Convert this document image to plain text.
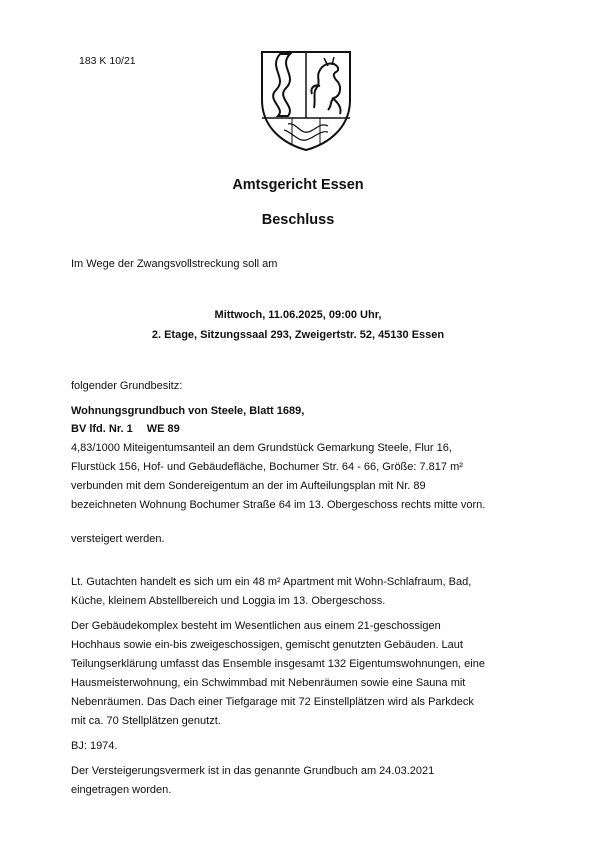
183 K 10/21
Amtsgericht Essen
Beschluss

Im Wege der Zwangsvollstreckung soll am

Mittwoch, 11.06.2025, 09:00 Uhr,
2. Etage, Sitzungssaal 293, Zweigertstr. 52, 45130 Essen

folgender Grundbesitz:

Wohnungsgrundbuch von Steele, Blatt 1689,

BV lfd. Nr. 1 WE 89

4,83/1000 Miteigentumsanteil an dem Grundstück Gemarkung Steele, Flur 16,

Flurstück 156, Hof- und Gebäudefläche, Bochumer Str. 64 - 66, Größe: 7.817 m²

verbunden mit dem Sondereigentum an der im Aufteilungsplan mit Nr. 89

bezeichneten Wohnung Bochumer Straße 64 im 13. Obergeschoss rechts mitte vorn.

versteigert werden.

Lt. Gutachten handelt es sich um ein 48 m² Apartment mit Wohn-Schlafraum, Bad,

Küche, kleinem Abstellbereich und Loggia im 13. Obergeschoss.

Der Gebäudekomplex besteht im Wesentlichen aus einem 21-geschossigen

Hochhaus sowie ein-bis zweigeschossigen, gemischt genutzten Gebäuden. Laut

Teilungserklärung umfasst das Ensemble insgesamt 132 Eigentumswohnungen, eine

Hausmeisterwohnung, ein Schwimmbad mit Nebenräumen sowie eine Sauna mit

Nebenräumen. Das Dach einer Tiefgarage mit 72 Einstellplätzen wird als Parkdeck

mit ca. 70 Stellplätzen genutzt.

BJ: 1974.

Der Versteigerungsvermerk ist in das genannte Grundbuch am 24.03.2021

eingetragen worden.
